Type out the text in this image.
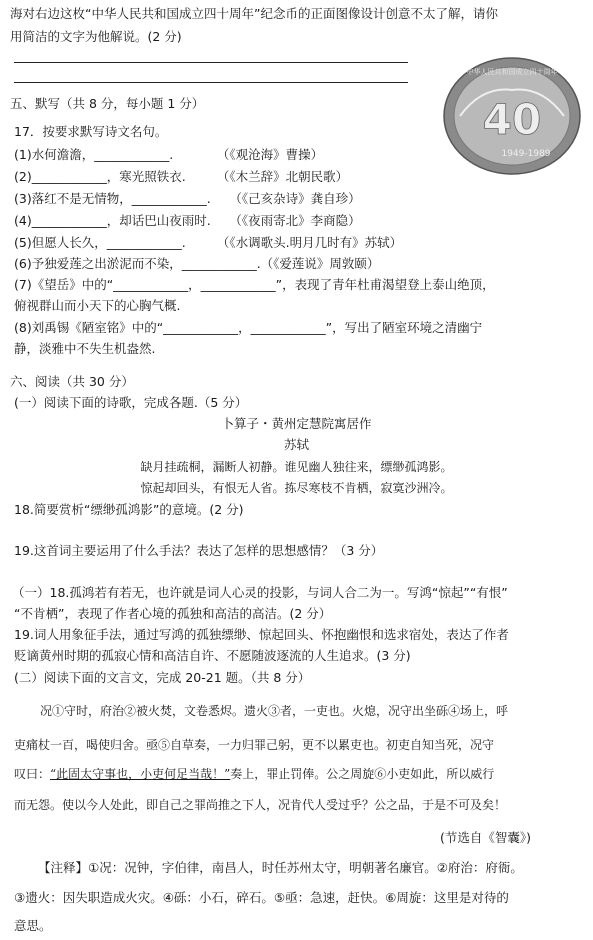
海对右边这枚“中华人民共和国成立四十周年”纪念币的正面图像设计创意不太了解，请你
用简洁的文字为他解说。(2 分)
40
1949-1989
中华人民共和国成立四十周年
五、默写（共 8 分，每小题 1 分）
17．按要求默写诗文名句。
(1)水何澹澹，____________.　　　　（《观沧海》曹操）
(2)____________，寒光照铁衣.　　　（《木兰辞》北朝民歌）
(3)落红不是无情物，____________.　　（《己亥杂诗》龚自珍）
(4)____________，却话巴山夜雨时.　　（《夜雨寄北》李商隐）
(5)但愿人长久，____________.　　　（《水调歌头.明月几时有》苏轼）
(6)予独爱莲之出淤泥而不染，____________.（《爱莲说》周敦颐）
(7)《望岳》中的“____________，____________”，表现了青年杜甫渴望登上泰山绝顶，
俯视群山而小天下的心胸气概.
(8)刘禹锡《陋室铭》中的“____________，____________”，写出了陋室环境之清幽宁
静，淡雅中不失生机盎然.
六、阅读（共 30 分）
(一）阅读下面的诗歌，完成各题.（5 分）
卜算子・黄州定慧院寓居作
苏轼
缺月挂疏桐，漏断人初静。谁见幽人独往来，缥缈孤鸿影。
惊起却回头，有恨无人省。拣尽寒枝不肯栖，寂寞沙洲冷。
18.简要赏析“缥缈孤鸿影”的意境。(2 分)
19.这首词主要运用了什么手法？表达了怎样的思想感情？（3 分）
（一）18.孤鸿若有若无，也许就是词人心灵的投影，与词人合二为一。写鸿“惊起”“有恨”
“不肯栖”，表现了作者心境的孤独和高洁的高洁。(2 分）
19.词人用象征手法，通过写鸿的孤独缥缈、惊起回头、怀抱幽恨和选求宿处，表达了作者
贬谪黄州时期的孤寂心情和高洁自许、不愿随波逐流的人生追求。(3 分)
(二）阅读下面的文言文，完成 20-21 题。（共 8 分）
况①守时，府治②被火焚，文卷悉烬。遗火③者，一吏也。火熄，况守出坐砾④场上，呼
吏痛杖一百，喝使归舍。亟⑤自草奏，一力归罪己躬，更不以累吏也。初吏自知当死，况守
叹曰：“此固太守事也，小吏何足当哉！”奏上，罪止罚俸。公之周旋⑥小吏如此，所以威行
而无怨。使以今人处此，即自己之罪尚推之下人，况肯代人受过乎？公之品，于是不可及矣！
(节选自《智囊》)
【注释】①况：况钟，字伯律，南昌人，时任苏州太守，明朝著名廉官。②府治：府衙。
③遗火：因失职造成火灾。④砾：小石，碎石。⑤亟：急速，赶快。⑥周旋：这里是对待的
意思。
